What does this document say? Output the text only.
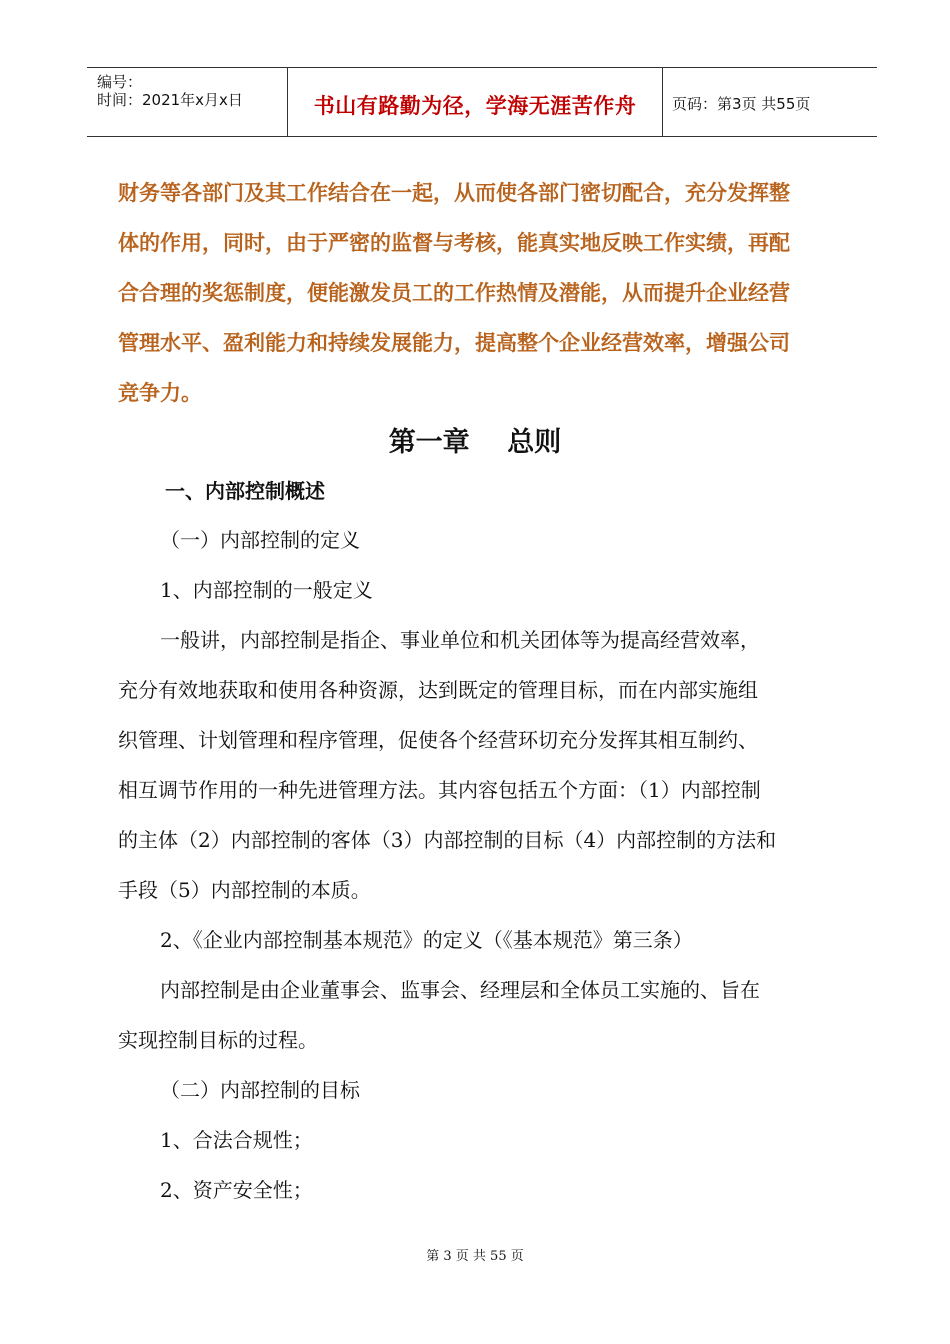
编号：
时间：2021年x月x日	书山有路勤为径，学海无涯苦作舟	页码：第3页 共55页

财务等各部门及其工作结合在一起，从而使各部门密切配合，充分发挥整

体的作用，同时，由于严密的监督与考核，能真实地反映工作实绩，再配

合合理的奖惩制度，便能激发员工的工作热情及潜能，从而提升企业经营

管理水平、盈利能力和持续发展能力，提高整个企业经营效率，增强公司

竞争力。

第一章    总则
一、内部控制概述
（一）内部控制的定义
1、内部控制的一般定义
一般讲，内部控制是指企、事业单位和机关团体等为提高经营效率，
充分有效地获取和使用各种资源，达到既定的管理目标，而在内部实施组
织管理、计划管理和程序管理，促使各个经营环切充分发挥其相互制约、
相互调节作用的一种先进管理方法。其内容包括五个方面：（1）内部控制
的主体（2）内部控制的客体（3）内部控制的目标（4）内部控制的方法和
手段（5）内部控制的本质。
2、《企业内部控制基本规范》的定义（《基本规范》第三条）
内部控制是由企业董事会、监事会、经理层和全体员工实施的、旨在
实现控制目标的过程。
（二）内部控制的目标
1、合法合规性；
2、资产安全性；
第 3 页 共 55 页
